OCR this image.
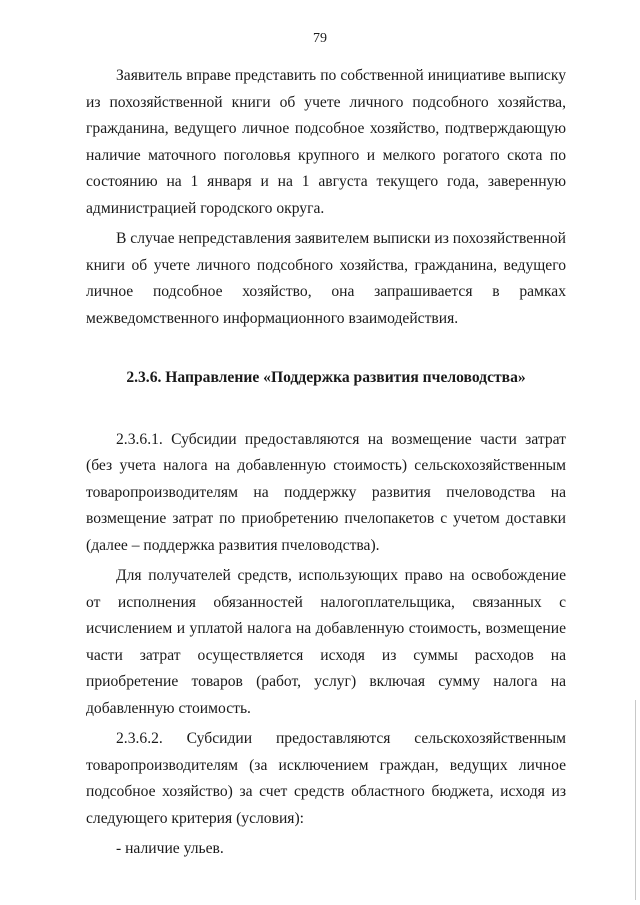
79

Заявитель вправе представить по собственной инициативе выписку из похозяйственной книги об учете личного подсобного хозяйства, гражданина, ведущего личное подсобное хозяйство, подтверждающую наличие маточного поголовья крупного и мелкого рогатого скота по состоянию на 1 января и на 1 августа текущего года, заверенную администрацией городского округа.

В случае непредставления заявителем выписки из похозяйственной книги об учете личного подсобного хозяйства, гражданина, ведущего личное подсобное хозяйство, она запрашивается в рамках межведомственного информационного взаимодействия.

2.3.6. Направление «Поддержка развития пчеловодства»

2.3.6.1. Субсидии предоставляются на возмещение части затрат (без учета налога на добавленную стоимость) сельскохозяйственным товаропроизводителям на поддержку развития пчеловодства на возмещение затрат по приобретению пчелопакетов с учетом доставки (далее – поддержка развития пчеловодства).

Для получателей средств, использующих право на освобождение от исполнения обязанностей налогоплательщика, связанных с исчислением и уплатой налога на добавленную стоимость, возмещение части затрат осуществляется исходя из суммы расходов на приобретение товаров (работ, услуг) включая сумму налога на добавленную стоимость.

2.3.6.2. Субсидии предоставляются сельскохозяйственным товаропроизводителям (за исключением граждан, ведущих личное подсобное хозяйство) за счет средств областного бюджета, исходя из следующего критерия (условия):

- наличие ульев.
